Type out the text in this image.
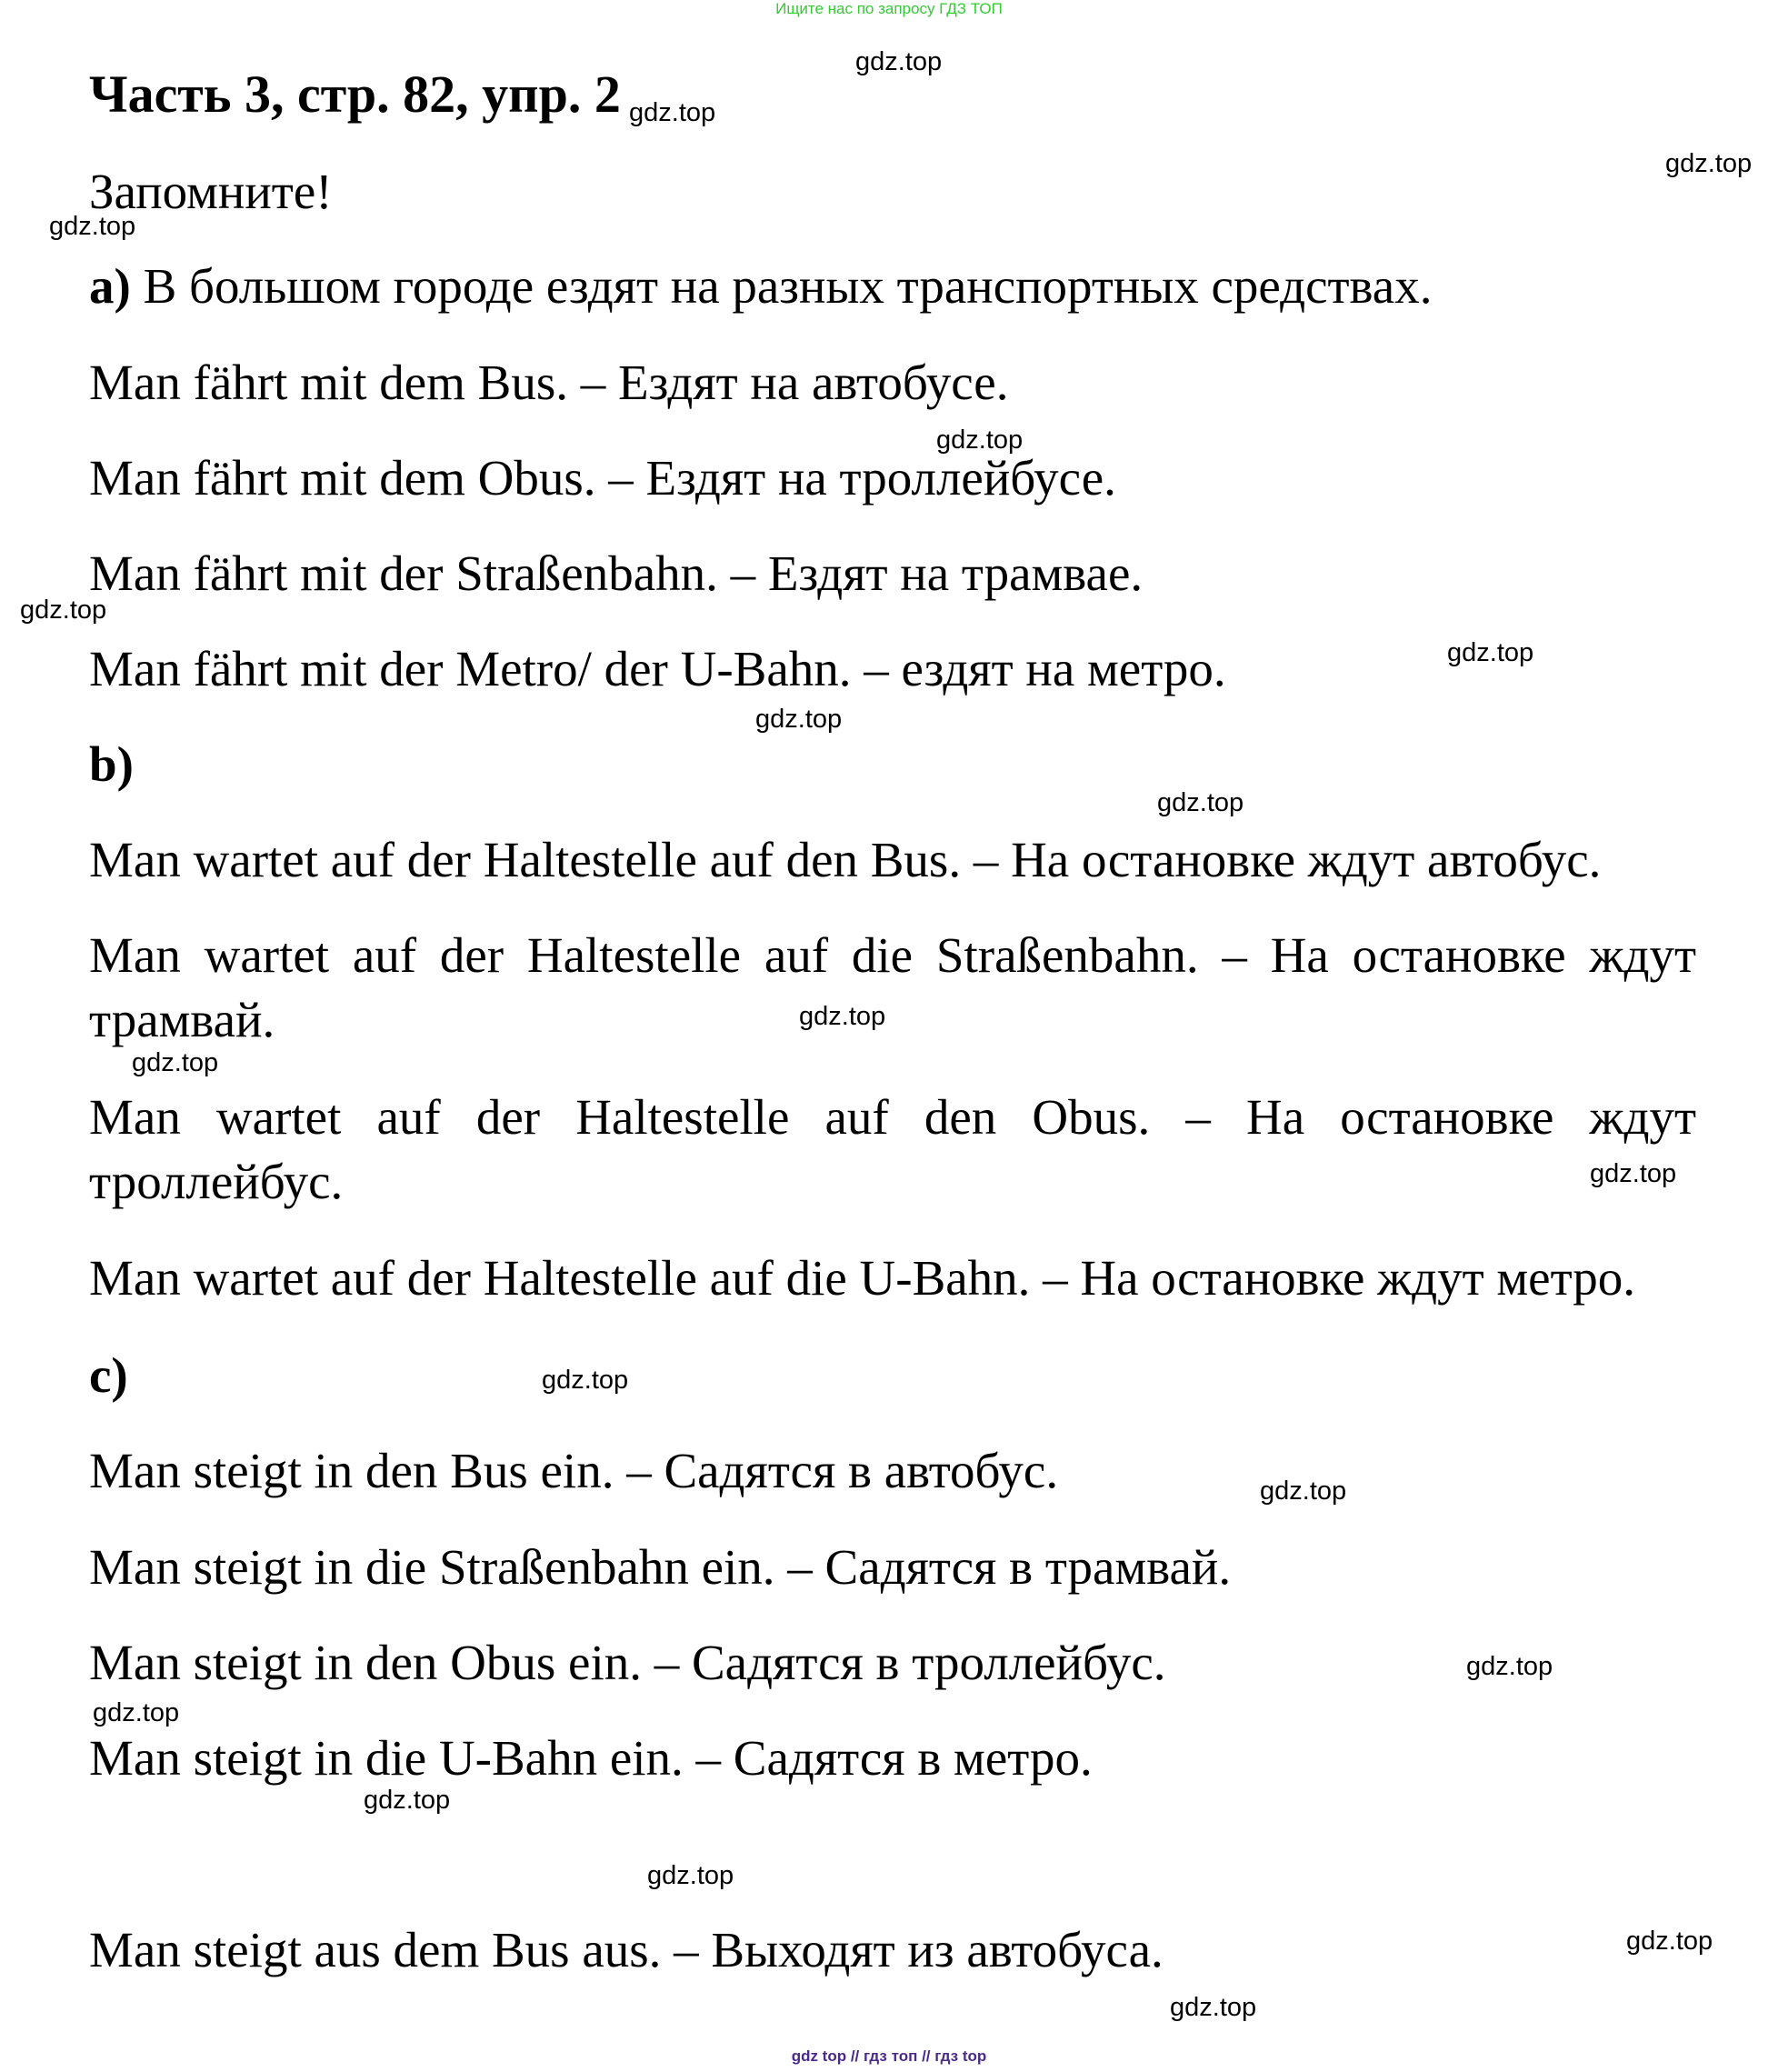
Ищите нас по запросу ГДЗ ТОП
Часть 3, стр. 82, упр. 2
Запомните!
а) В большом городе ездят на разных транспортных средствах.
Man fährt mit dem Bus. – Ездят на автобусе.
Man fährt mit dem Obus. – Ездят на троллейбусе.
Man fährt mit der Straßenbahn. – Ездят на трамвае.
Man fährt mit der Metro/ der U-Bahn. – ездят на метро.
b)
Man wartet auf der Haltestelle auf den Bus. – На остановке ждут автобус.
Man wartet auf der Haltestelle auf die Straßenbahn. – На остановке ждут
трамвай.
Man wartet auf der Haltestelle auf den Obus. – На остановке ждут
троллейбус.
Man wartet auf der Haltestelle auf die U-Bahn. – На остановке ждут метро.
c)
Man steigt in den Bus ein. – Садятся в автобус.
Man steigt in die Straßenbahn ein. – Садятся в трамвай.
Man steigt in den Obus ein. – Садятся в троллейбус.
Man steigt in die U-Bahn ein. – Садятся в метро.
Man steigt aus dem Bus aus. – Выходят из автобуса.
gdz.top
gdz.top
gdz.top
gdz.top
gdz.top
gdz.top
gdz.top
gdz.top
gdz.top
gdz.top
gdz.top
gdz.top
gdz.top
gdz.top
gdz.top
gdz.top
gdz.top
gdz.top
gdz.top
gdz.top
gdz top // гдз топ // гдз top
